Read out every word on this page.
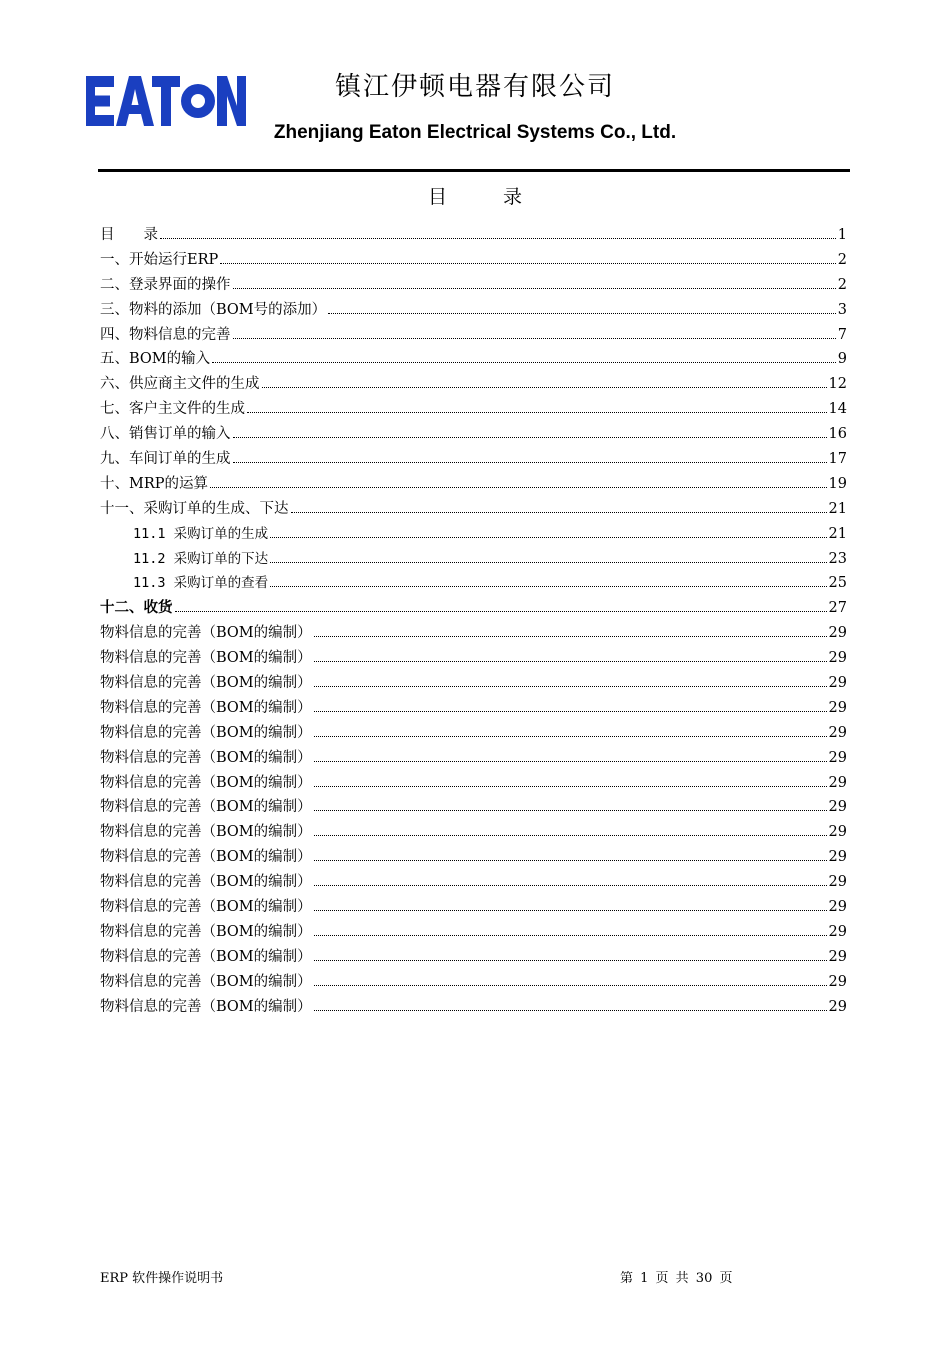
镇江伊顿电器有限公司
Zhenjiang Eaton Electrical Systems Co., Ltd.
目 录
目　　录	1
一、开始运行ERP	2
二、登录界面的操作	2
三、物料的添加（BOM号的添加）	3
四、物料信息的完善	7
五、BOM的输入	9
六、供应商主文件的生成	12
七、客户主文件的生成	14
八、销售订单的输入	16
九、车间订单的生成	17
十、MRP的运算	19
十一、采购订单的生成、下达	21
11.1 采购订单的生成	21
11.2 采购订单的下达	23
11.3 采购订单的查看	25
十二、收货	27
物料信息的完善（BOM的编制）	29
物料信息的完善（BOM的编制）	29
物料信息的完善（BOM的编制）	29
物料信息的完善（BOM的编制）	29
物料信息的完善（BOM的编制）	29
物料信息的完善（BOM的编制）	29
物料信息的完善（BOM的编制）	29
物料信息的完善（BOM的编制）	29
物料信息的完善（BOM的编制）	29
物料信息的完善（BOM的编制）	29
物料信息的完善（BOM的编制）	29
物料信息的完善（BOM的编制）	29
物料信息的完善（BOM的编制）	29
物料信息的完善（BOM的编制）	29
物料信息的完善（BOM的编制）	29
物料信息的完善（BOM的编制）	29
ERP 软件操作说明书	第 1 页 共 30 页
